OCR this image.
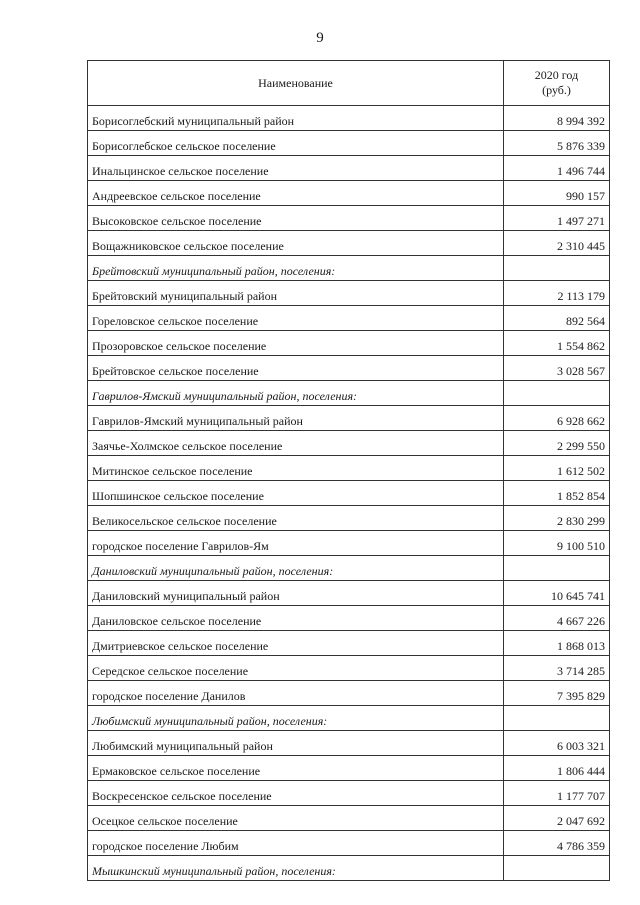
9
Наименование	2020 год
(руб.)
Борисоглебский муниципальный район	8 994 392
Борисоглебское сельское поселение	5 876 339
Инальцинское сельское поселение	1 496 744
Андреевское сельское поселение	990 157
Высоковское сельское поселение	1 497 271
Вощажниковское сельское поселение	2 310 445
Брейтовский муниципальный район, поселения:	
Брейтовский муниципальный район	2 113 179
Гореловское сельское поселение	892 564
Прозоровское сельское поселение	1 554 862
Брейтовское сельское поселение	3 028 567
Гаврилов-Ямский муниципальный район, поселения:	
Гаврилов-Ямский муниципальный район	6 928 662
Заячье-Холмское сельское поселение	2 299 550
Митинское сельское поселение	1 612 502
Шопшинское сельское поселение	1 852 854
Великосельское сельское поселение	2 830 299
городское поселение Гаврилов-Ям	9 100 510
Даниловский муниципальный район, поселения:	
Даниловский муниципальный район	10 645 741
Даниловское сельское поселение	4 667 226
Дмитриевское сельское поселение	1 868 013
Середское сельское поселение	3 714 285
городское поселение Данилов	7 395 829
Любимский муниципальный район, поселения:	
Любимский муниципальный район	6 003 321
Ермаковское сельское поселение	1 806 444
Воскресенское сельское поселение	1 177 707
Осецкое сельское поселение	2 047 692
городское поселение Любим	4 786 359
Мышкинский муниципальный район, поселения:	
